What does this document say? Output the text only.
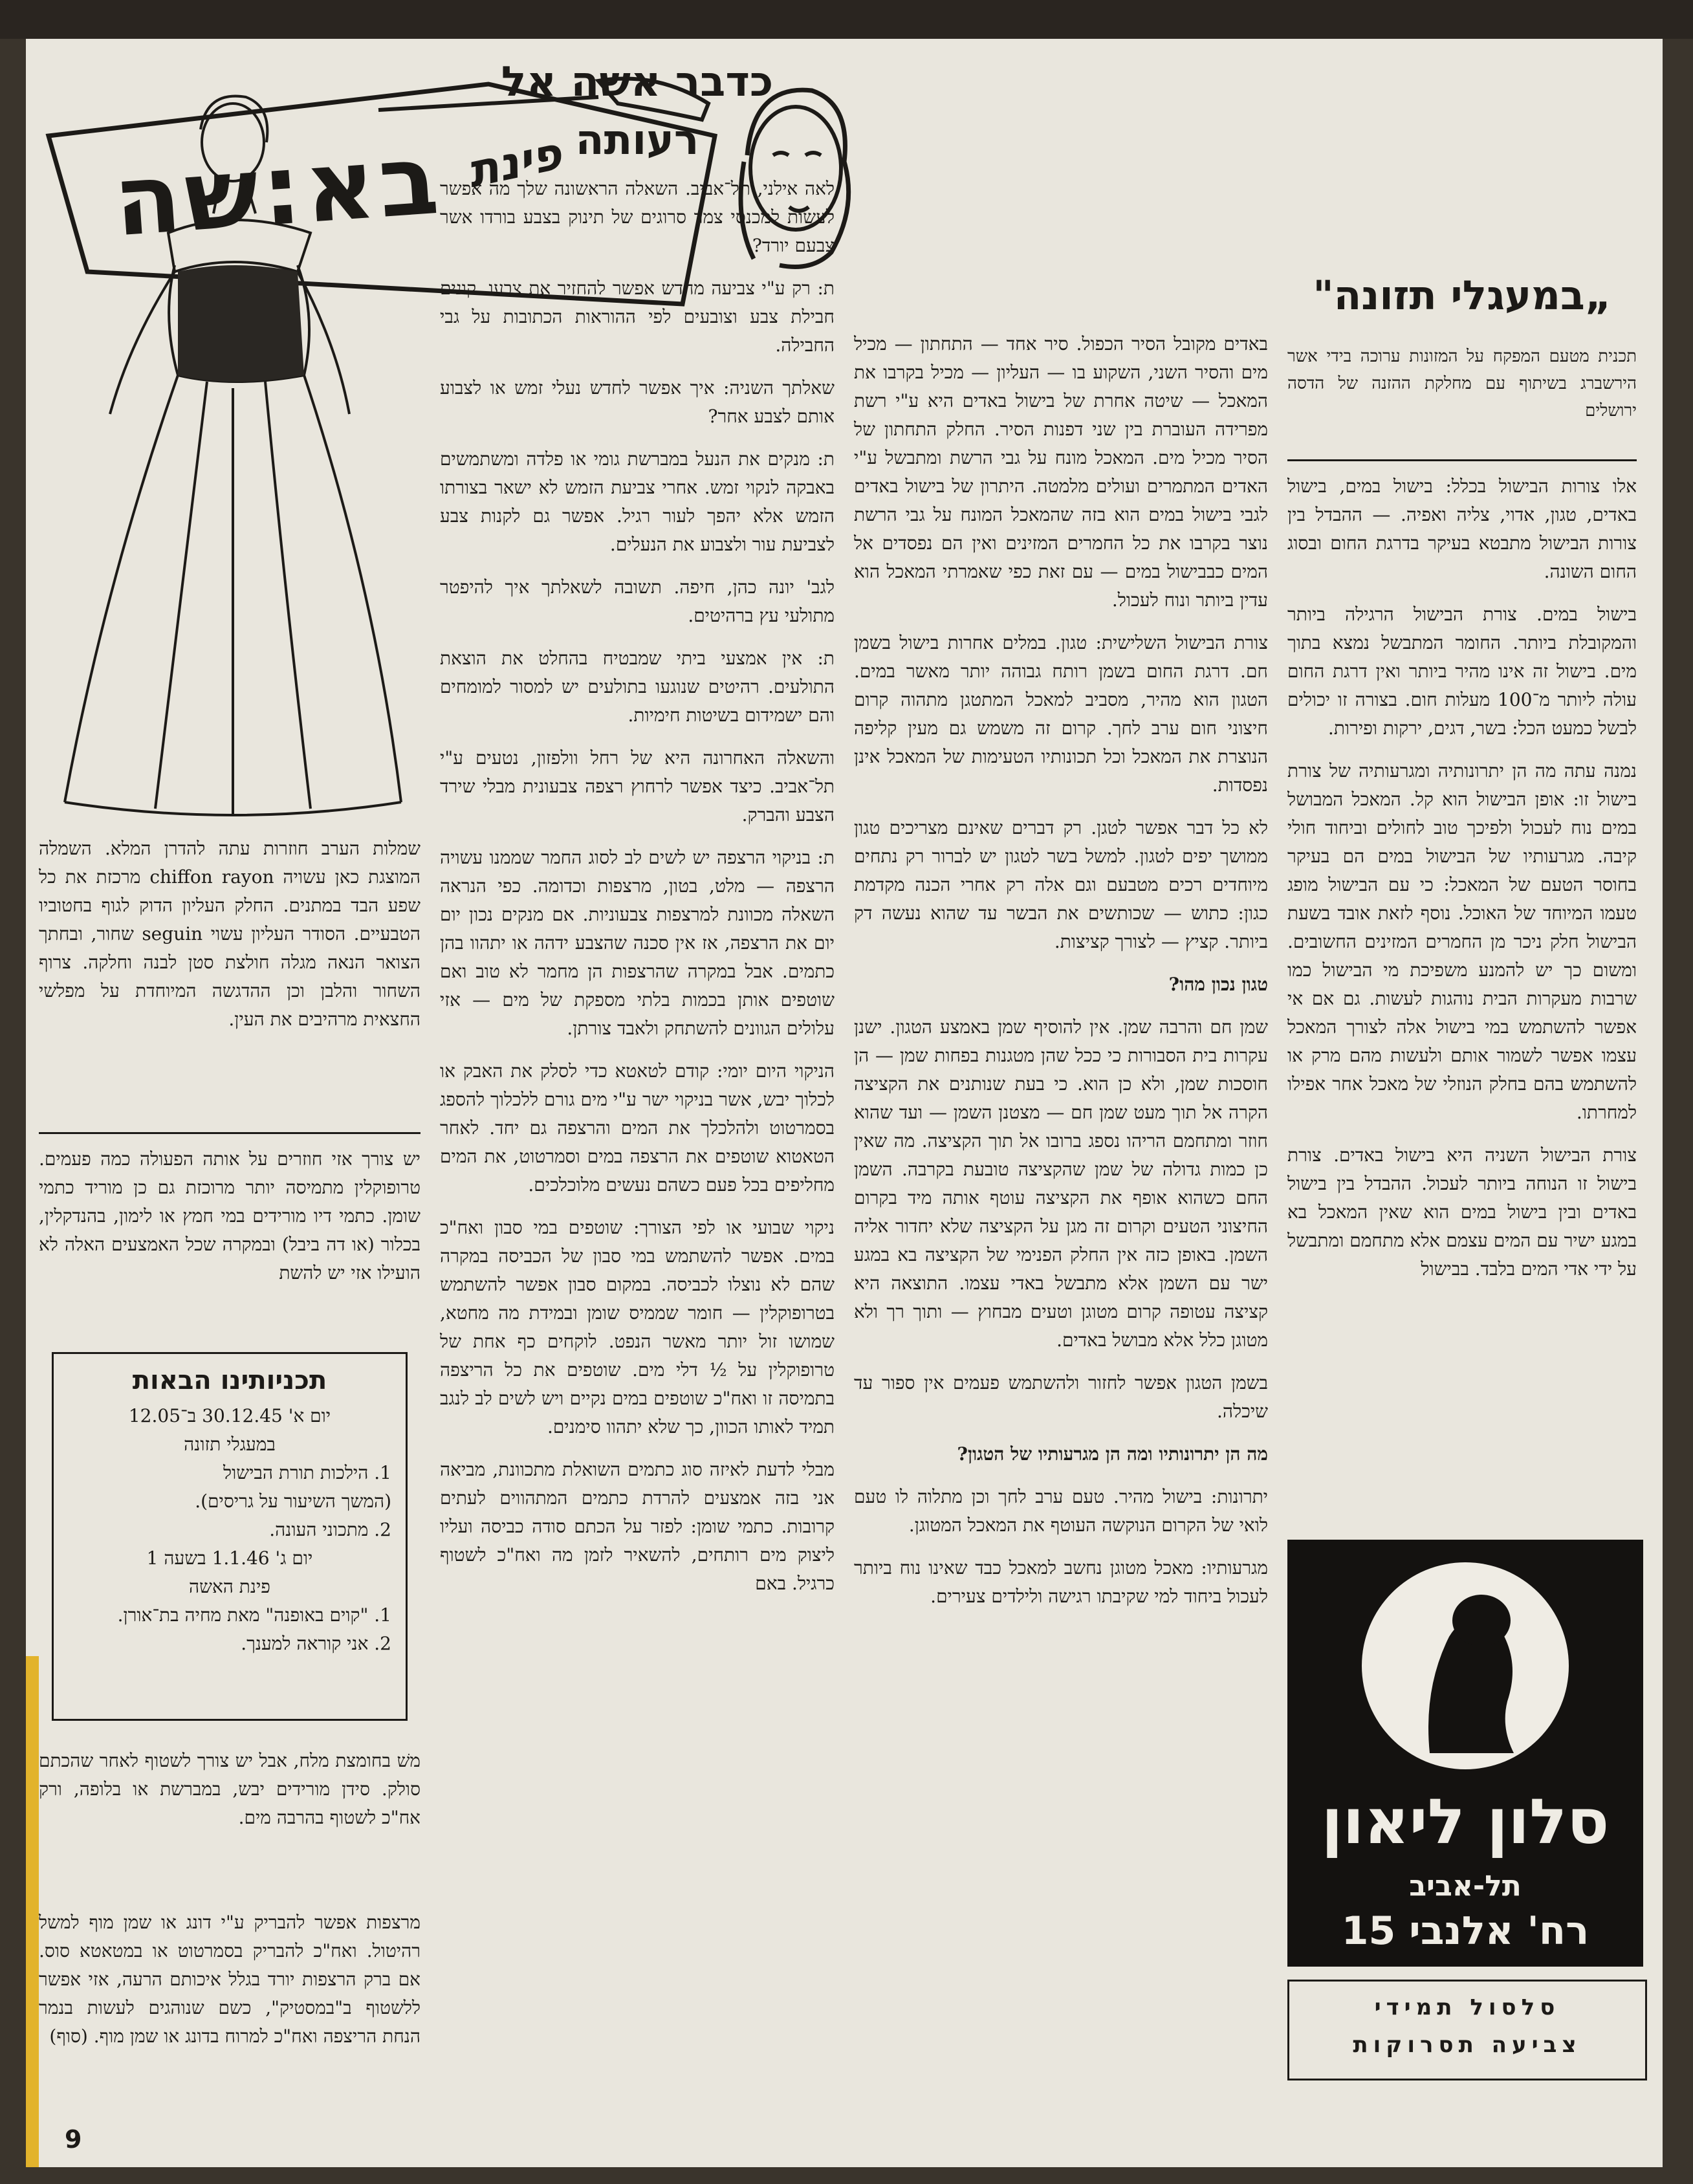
פינת
בא:שה
„במעגלי תזונה"

תכנית מטעם המפקח על המזונות ערוכה בידי אשר הירשברג בשיתוף עם מחלקת ההזנה של הדסה ירושלים

אלו צורות הבישול בכלל: בישול במים, בישול באדים, טגון, אדוי, צליה ואפיה. — ההבדל בין צורות הבישול מתבטא בעיקר בדרגת החום ובסוג החום השונה.

בישול במים. צורת הבישול הרגילה ביותר והמקובלת ביותר. החומר המתבשל נמצא בתוך מים. בישול זה אינו מהיר ביותר ואין דרגת החום עולה ליותר מ־100 מעלות חום. בצורה זו יכולים לבשל כמעט הכל: בשר, דגים, ירקות ופירות.

נמנה עתה מה הן יתרונותיה ומגרעותיה של צורת בישול זו: אופן הבישול הוא קל. המאכל המבושל במים נוח לעכול ולפיכך טוב לחולים וביחוד חולי קיבה. מגרעותיו של הבישול במים הם בעיקר בחוסר הטעם של המאכל: כי עם הבישול מופג טעמו המיוחד של האוכל. נוסף לזאת אובד בשעת הבישול חלק ניכר מן החמרים המזינים החשובים. ומשום כך יש להמנע משפיכת מי הבישול כמו שרבות מעקרות הבית נוהגות לעשות. גם אם אי אפשר להשתמש במי בישול אלה לצורך המאכל עצמו אפשר לשמור אותם ולעשות מהם מרק או להשתמש בהם בחלק הנוזלי של מאכל אחר אפילו למחרתו.

צורת הבישול השניה היא בישול באדים. צורת בישול זו הנוחה ביותר לעכול. ההבדל בין בישול באדים ובין בישול במים הוא שאין המאכל בא במגע ישיר עם המים עצמם אלא מתחמם ומתבשל על ידי אדי המים בלבד. בבישול

באדים מקובל הסיר הכפול. סיר אחד — התחתון — מכיל מים והסיר השני, השקוע בו — העליון — מכיל בקרבו את המאכל — שיטה אחרת של בישול באדים היא ע"י רשת מפרידה העוברת בין שני דפנות הסיר. החלק התחתון של הסיר מכיל מים. המאכל מונח על גבי הרשת ומתבשל ע"י האדים המתמרים ועולים מלמטה. היתרון של בישול באדים לגבי בישול במים הוא בזה שהמאכל המונח על גבי הרשת נוצר בקרבו את כל החמרים המזינים ואין הם נפסדים אל המים כבבישול במים — עם זאת כפי שאמרתי המאכל הוא עדין ביותר ונוח לעכול.

צורת הבישול השלישית: טגון. במלים אחרות בישול בשמן חם. דרגת החום בשמן רותח גבוהה יותר מאשר במים. הטגון הוא מהיר, מסביב למאכל המתטגן מתהוה קרום חיצוני חום ערב לחך. קרום זה משמש גם מעין קליפה הנוצרת את המאכל וכל תכונותיו הטעימות של המאכל אינן נפסדות.

לא כל דבר אפשר לטגן. רק דברים שאינם מצריכים טגון ממושך יפים לטגון. למשל בשר לטגון יש לברור רק נתחים מיוחדים רכים מטבעם וגם אלה רק אחרי הכנה מקדמת כגון: כתוש — שכותשים את הבשר עד שהוא נעשה דק ביותר. קציץ — לצורך קציצות.

טגון נכון מהו?

שמן חם והרבה שמן. אין להוסיף שמן באמצע הטגון. ישנן עקרות בית הסבורות כי ככל שהן מטגנות בפחות שמן — הן חוסכות שמן, ולא כן הוא. כי בעת שנותנים את הקציצה הקרה אל תוך מעט שמן חם — מצטנן השמן — ועד שהוא חוזר ומתחמם הריהו נספג ברובו אל תוך הקציצה. מה שאין כן כמות גדולה של שמן שהקציצה טובעת בקרבה. השמן החם כשהוא אופף את הקציצה עוטף אותה מיד בקרום החיצוני הטעים וקרום זה מגן על הקציצה שלא יחדור אליה השמן. באופן כזה אין החלק הפנימי של הקציצה בא במגע ישר עם השמן אלא מתבשל באדי עצמו. התוצאה היא קציצה עטופה קרום מטוגן וטעים מבחוץ — ותוך רך ולא מטוגן כלל אלא מבושל באדים.

בשמן הטגון אפשר לחזור ולהשתמש פעמים אין ספור עד שיכלה.

מה הן יתרונותיו ומה הן מגרעותיו של הטגון?

יתרונות: בישול מהיר. טעם ערב לחך וכן מתלוה לו טעם לואי של הקרום הנוקשה העוטף את המאכל המטוגן.

מגרעותיו: מאכל מטוגן נחשב למאכל כבד שאינו נוח ביותר לעכול ביחוד למי שקיבתו רגישה ולילדים צעירים.

סלון ליאון
תל-אביב
רח' אלנבי 15
סלסול תמידי
צביעה תסרוקות
כדבר אשה אל
רעותה

לאה אילני, תל־אביב. השאלה הראשונה שלך מה אפשר לעשות למכנסי צמר סרוגים של תינוק בצבע בורדו אשר צבעם יורד?

ת: רק ע"י צביעה מחדש אפשר להחזיר את צבעו. קונים חבילת צבע וצובעים לפי ההוראות הכתובות על גבי החבילה.

שאלתך השניה: איך אפשר לחדש נעלי זמש או לצבוע אותם לצבע אחר?

ת: מנקים את הנעל במברשת גומי או פלדה ומשתמשים באבקה לנקוי זמש. אחרי צביעת הזמש לא ישאר בצורתו הזמש אלא יהפך לעור רגיל. אפשר גם לקנות צבע לצביעת עור ולצבוע את הנעלים.

לגב' יונה כהן, חיפה. תשובה לשאלתך איך להיפטר מתולעי עץ ברהיטים.

ת: אין אמצעי ביתי שמבטיח בהחלט את הוצאת התולעים. רהיטים שנוגעו בתולעים יש למסור למומחים והם ישמידום בשיטות חימיות.

והשאלה האחרונה היא של רחל וולפזון, נטעים ע"י תל־אביב. כיצד אפשר לרחוץ רצפה צבעונית מבלי שירד הצבע והברק.

ת: בניקוי הרצפה יש לשים לב לסוג החמר שממנו עשויה הרצפה — מלט, בטון, מרצפות וכדומה. כפי הנראה השאלה מכוונת למרצפות צבעוניות. אם מנקים נכון יום יום את הרצפה, אז אין סכנה שהצבע ידהה או יתהוו בהן כתמים. אבל במקרה שהרצפות הן מחמר לא טוב ואם שוטפים אותן בכמות בלתי מספקת של מים — אזי עלולים הגוונים להשתחק ולאבד צורתן.

הניקוי היום יומי: קודם לטאטא כדי לסלק את האבק או לכלוך יבש, אשר בניקוי ישר ע"י מים גורם ללכלוך להספג בסמרטוט ולהלכלך את המים והרצפה גם יחד. לאחר הטאטוא שוטפים את הרצפה במים וסמרטוט, את המים מחליפים בכל פעם כשהם נעשים מלוכלכים.

ניקוי שבועי או לפי הצורך: שוטפים במי סבון ואח"כ במים. אפשר להשתמש במי סבון של הכביסה במקרה שהם לא נוצלו לכביסה. במקום סבון אפשר להשתמש בטרופוקלין — חומר שממיס שומן ובמידת מה מחטא, שמושו זול יותר מאשר הנפט. לוקחים כף אחת של טרופוקלין על ½ דלי מים. שוטפים את כל הריצפה בתמיסה זו ואח"כ שוטפים במים נקיים ויש לשים לב לנגב תמיד לאותו הכוון, כך שלא יתהוו סימנים.

מבלי לדעת לאיזה סוג כתמים השואלת מתכוונת, מביאה אני בזה אמצעים להרדת כתמים המתהווים לעתים קרובות. כתמי שומן: לפזר על הכתם סודה כביסה ועליו ליצוק מים רותחים, להשאיר לזמן מה ואח"כ לשטוף כרגיל. באם

שמלות הערב חוזרות עתה להדרן המלא. השמלה המוצגת כאן עשויה chiffon rayon מרכזת את כל שפע הבד במתנים. החלק העליון הדוק לגוף בחטוביו הטבעיים. הסודר העליון עשוי seguin שחור, ובחתך הצואר הנאה מגלה חולצת סטן לבנה וחלקה. צרוף השחור והלבן וכן ההדגשה המיוחדת על מפלשי החצאית מרהיבים את העין.
יש צורך אזי חוזרים על אותה הפעולה כמה פעמים. טרופוקלין מתמיסה יותר מרוכזת גם כן מוריד כתמי שומן. כתמי דיו מורידים במי חמץ או לימון, בהנדקלין, בכלור (או דה ביבל) ובמקרה שכל האמצעים האלה לא הועילו אזי יש להשת
תכניותינו הבאות
יום א' 30.12.45 ב־12.05
במעגלי תזונה
1. הילכות תורת הבישול
(המשך השיעור על גריסים).
2. מתכוני העונה.
יום ג' 1.1.46 בשעה 1
פינת האשה
1. "קוים באופנה" מאת מחיה בת־אורן.
2. אני קוראה למענך.
משׁ בחומצת מלח, אבל יש צורך לשטוף לאחר שהכתם סולק. סידן מורידים יבש, במברשת או בלופה, ורק אח"כ לשטוף בהרבה מים.
מרצפות אפשר להבריק ע"י דונג או שמן מוף למשל רהיטול. ואח"כ להבריק בסמרטוט או במטאטא סוס. אם ברק הרצפות יורד בגלל איכותם הרעה, אזי אפשר ללשטוף ב"במסטיק", כשם שנוהגים לעשות בנמר הנחת הריצפה ואח"כ למרוח בדונג או שמן מוף. (סוף)
9
